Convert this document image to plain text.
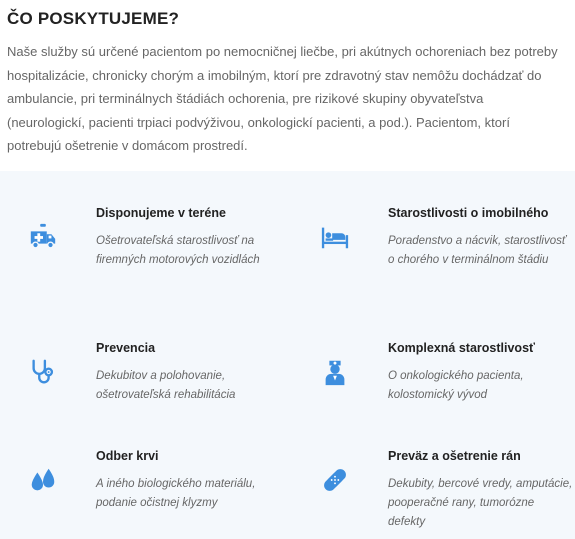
ČO POSKYTUJEME?

Naše služby sú určené pacientom po nemocničnej liečbe, pri akútnych ochoreniach bez potreby hospitalizácie, chronicky chorým a imobilným, ktorí pre zdravotný stav nemôžu dochádzať do ambulancie, pri terminálnych štádiách ochorenia, pre rizikové skupiny obyvateľstva (neurologickí, pacienti trpiaci podvýživou, onkologickí pacienti, a pod.). Pacientom, ktorí potrebujú ošetrenie v domácom prostredí.

Disponujeme v teréne
Ošetrovateľská starostlivosť na firemných motorových vozidlách
Starostlivosti o imobilného
Poradenstvo a nácvik, starostlivosť o chorého v terminálnom štádiu
Prevencia
Dekubitov a polohovanie, ošetrovateľská rehabilitácia
Komplexná starostlivosť
O onkologického pacienta, kolostomický vývod
Odber krvi
A iného biologického materiálu, podanie očistnej klyzmy
Preväz a ošetrenie rán
Dekubity, bercové vredy, amputácie, pooperačné rany, tumorózne defekty
